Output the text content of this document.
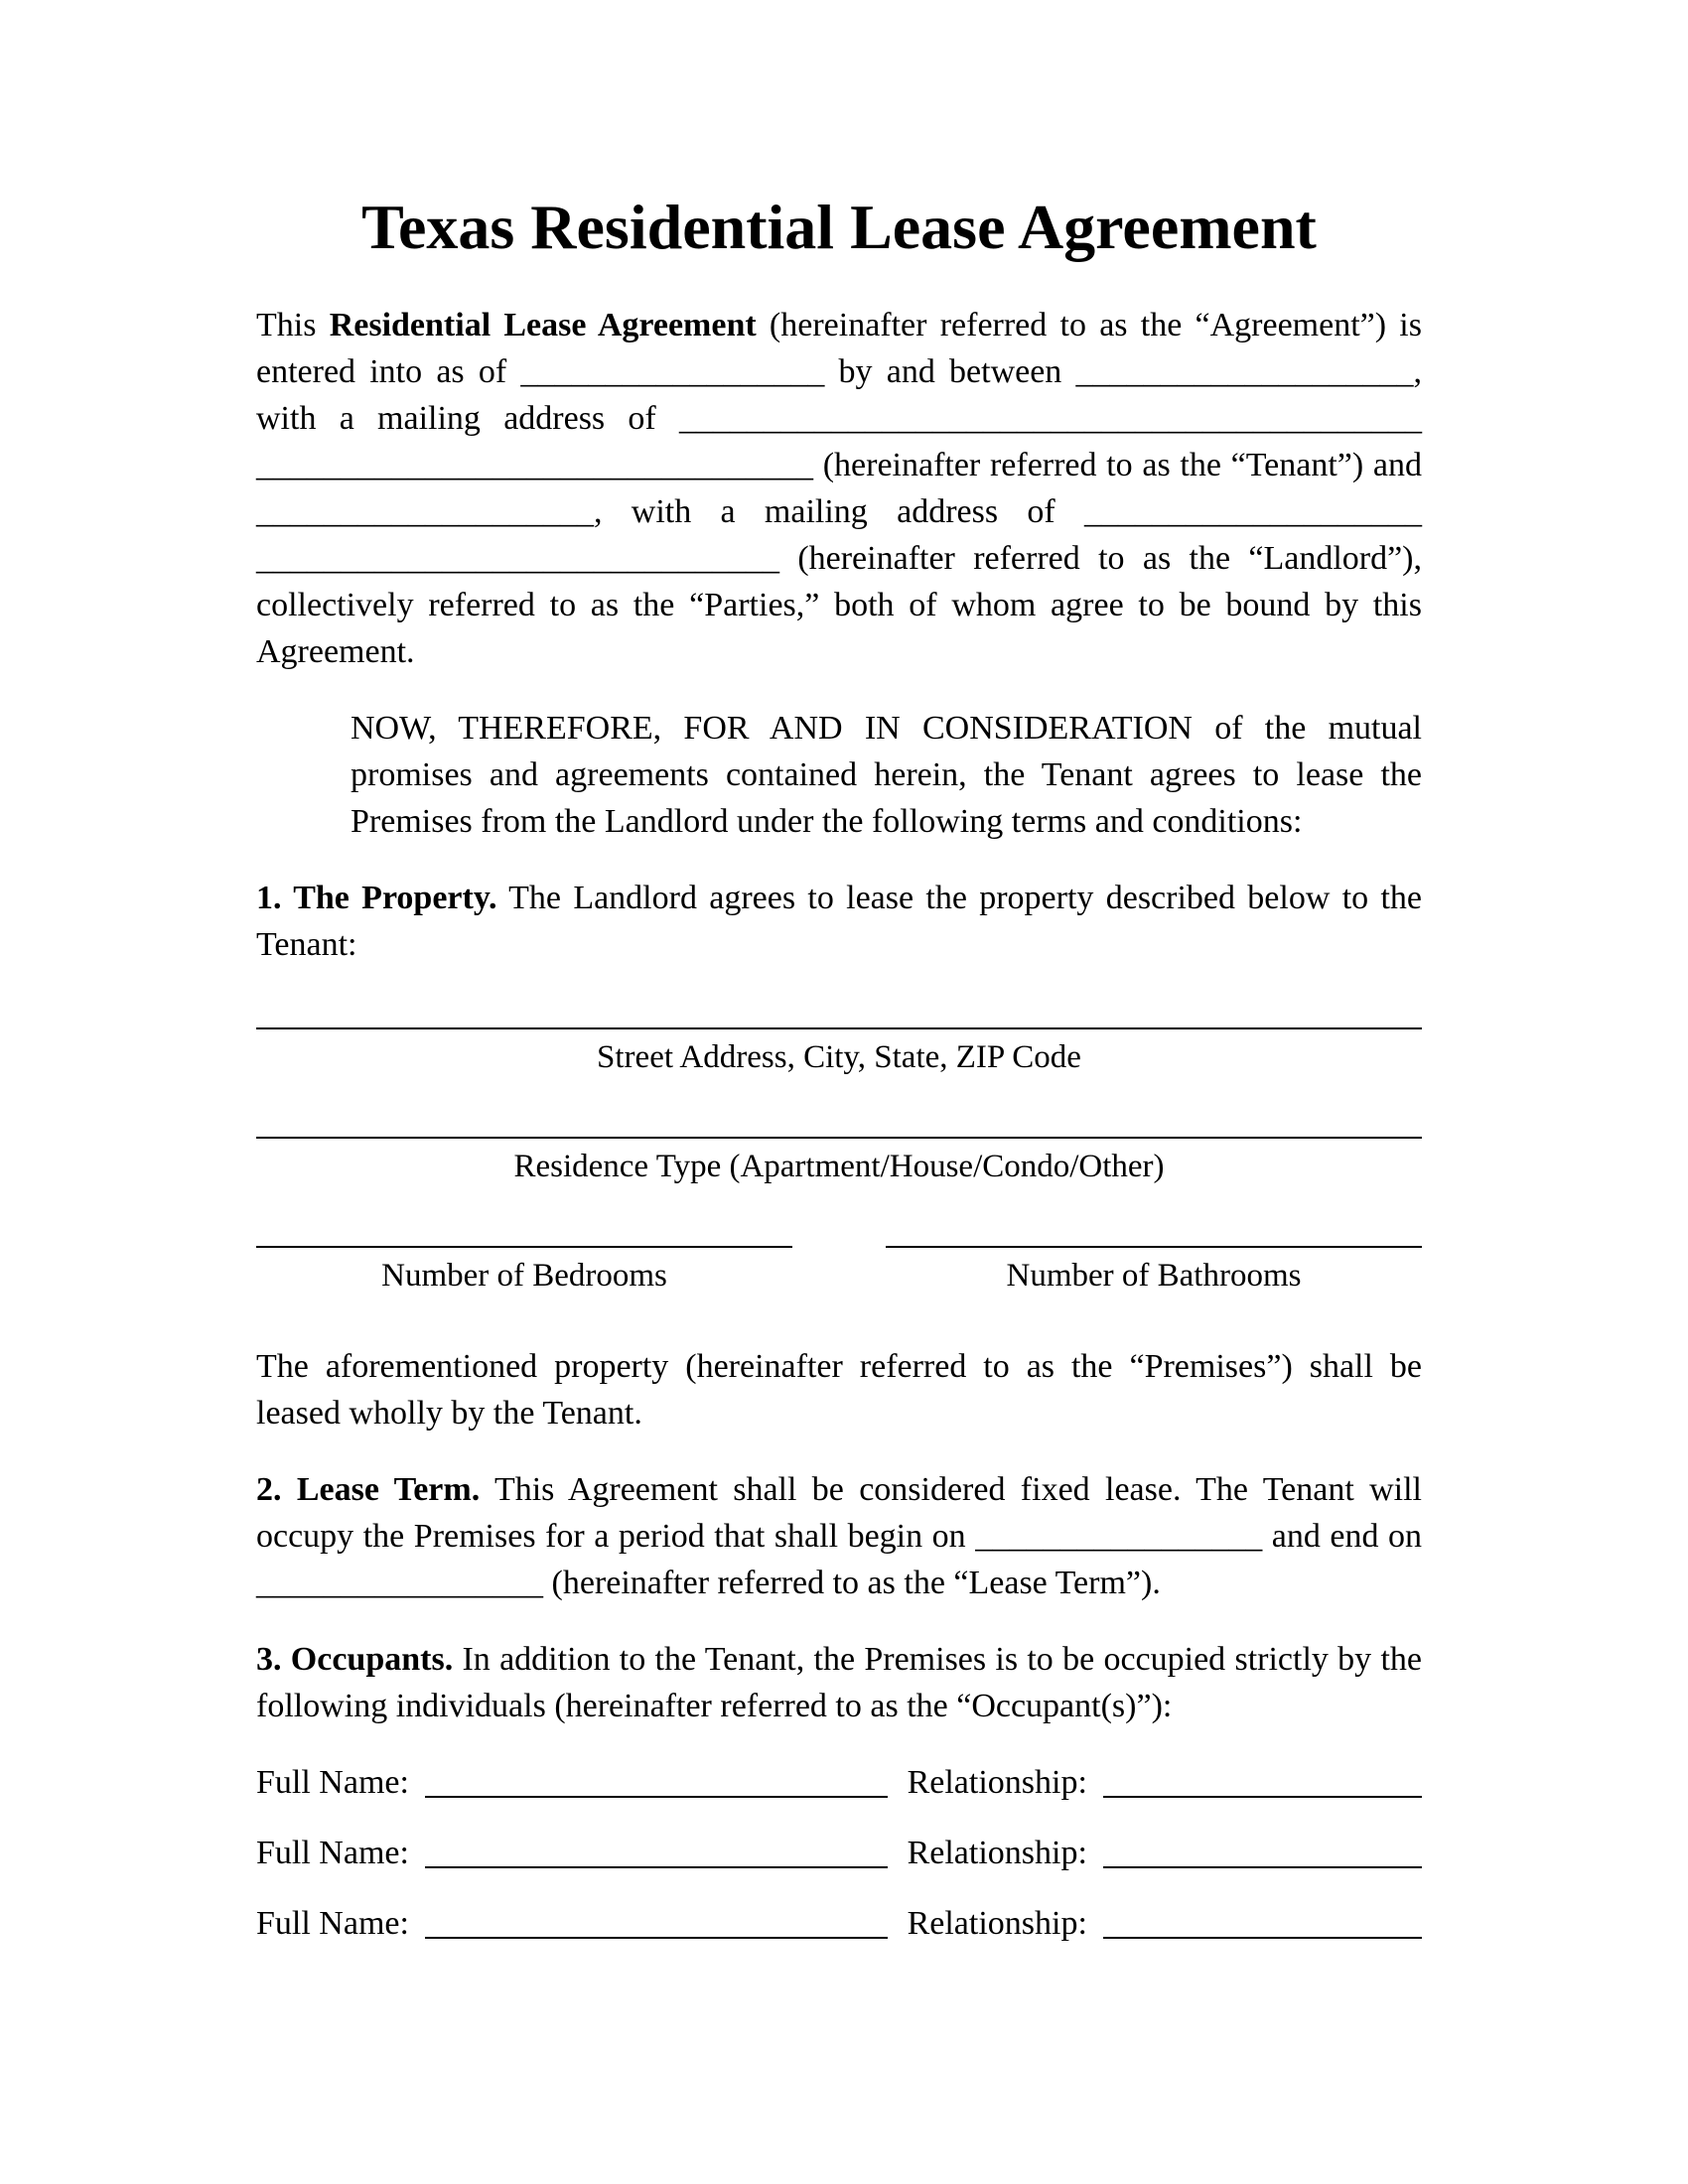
Texas Residential Lease Agreement

This Residential Lease Agreement (hereinafter referred to as the “Agreement”) is entered into as of __________________ by and between ____________________, with a mailing address of ____________________________________________ _________________________________ (hereinafter referred to as the “Tenant”) and ____________________, with a mailing address of ____________________ _______________________________ (hereinafter referred to as the “Landlord”), collectively referred to as the “Parties,” both of whom agree to be bound by this Agreement.

NOW, THEREFORE, FOR AND IN CONSIDERATION of the mutual promises and agreements contained herein, the Tenant agrees to lease the Premises from the Landlord under the following terms and conditions:

1. The Property. The Landlord agrees to lease the property described below to the Tenant:

Street Address, City, State, ZIP Code
Residence Type (Apartment/House/Condo/Other)
Number of Bedrooms	Number of Bathrooms

The aforementioned property (hereinafter referred to as the “Premises”) shall be leased wholly by the Tenant.

2. Lease Term. This Agreement shall be considered fixed lease. The Tenant will occupy the Premises for a period that shall begin on _________________ and end on _________________ (hereinafter referred to as the “Lease Term”).

3. Occupants. In addition to the Tenant, the Premises is to be occupied strictly by the following individuals (hereinafter referred to as the “Occupant(s)”):

Full Name:	Relationship:
Full Name:	Relationship:
Full Name:	Relationship:
